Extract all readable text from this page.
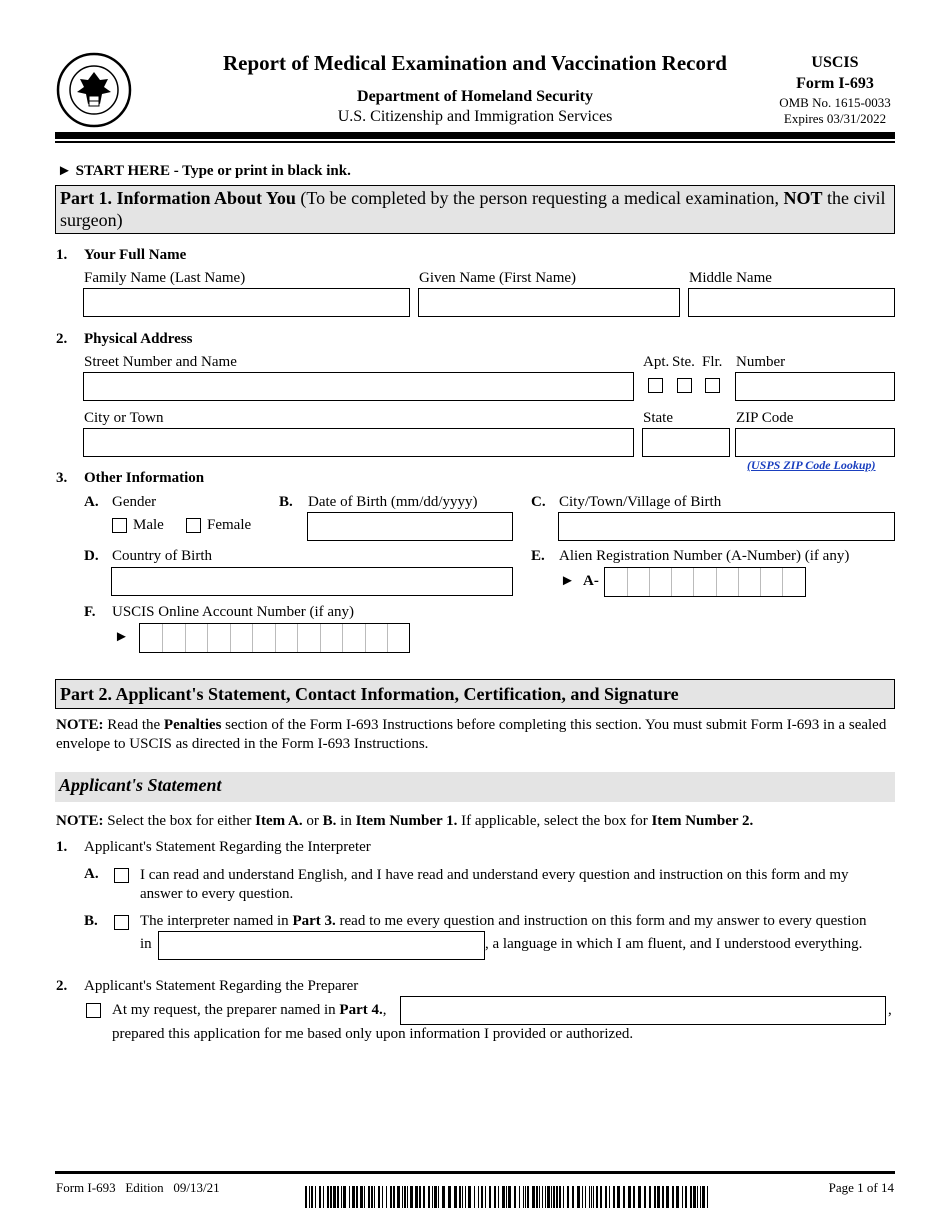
Report of Medical Examination and Vaccination Record
Department of Homeland Security
U.S. Citizenship and Immigration Services
USCIS
Form I-693
OMB No. 1615-0033
Expires 03/31/2022
► START HERE - Type or print in black ink.
Part 1. Information About You (To be completed by the person requesting a medical examination, NOT the civil surgeon)
1. Your Full Name
Family Name (Last Name)	Given Name (First Name)	Middle Name
2. Physical Address
Street Number and Name	Apt. Ste. Flr. Number
City or Town	State	ZIP Code
(USPS ZIP Code Lookup)
3. Other Information
A. Gender
Male	Female
B. Date of Birth (mm/dd/yyyy)	C. City/Town/Village of Birth
D. Country of Birth	E. Alien Registration Number (A-Number) (if any)
► A-
F. USCIS Online Account Number (if any)
►
Part 2. Applicant's Statement, Contact Information, Certification, and Signature
NOTE: Read the Penalties section of the Form I-693 Instructions before completing this section. You must submit Form I-693 in a sealed envelope to USCIS as directed in the Form I-693 Instructions.
Applicant's Statement
NOTE: Select the box for either Item A. or B. in Item Number 1. If applicable, select the box for Item Number 2.
1. Applicant's Statement Regarding the Interpreter
A.	I can read and understand English, and I have read and understand every question and instruction on this form and my answer to every question.
B.	The interpreter named in Part 3. read to me every question and instruction on this form and my answer to every question
in	, a language in which I am fluent, and I understood everything.
2. Applicant's Statement Regarding the Preparer
At my request, the preparer named in Part 4.,	,
prepared this application for me based only upon information I provided or authorized.
Form I-693   Edition   09/13/21	Page 1 of 14
